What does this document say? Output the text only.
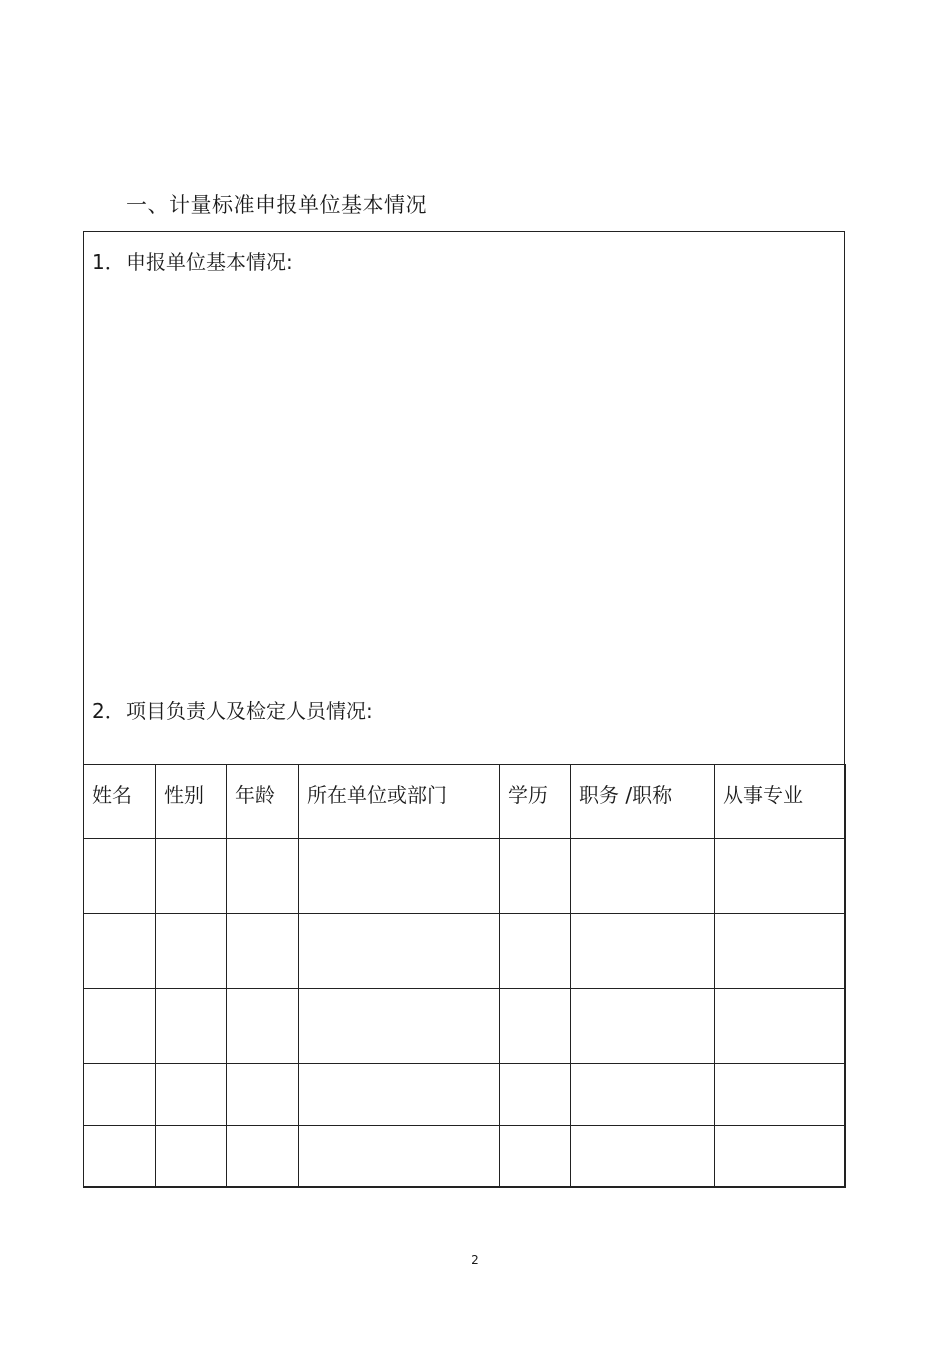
一、计量标准申报单位基本情况
1．申报单位基本情况:
2．项目负责人及检定人员情况:
姓名	性别	年龄	所在单位或部门	学历	职务 /职称	从事专业

2
